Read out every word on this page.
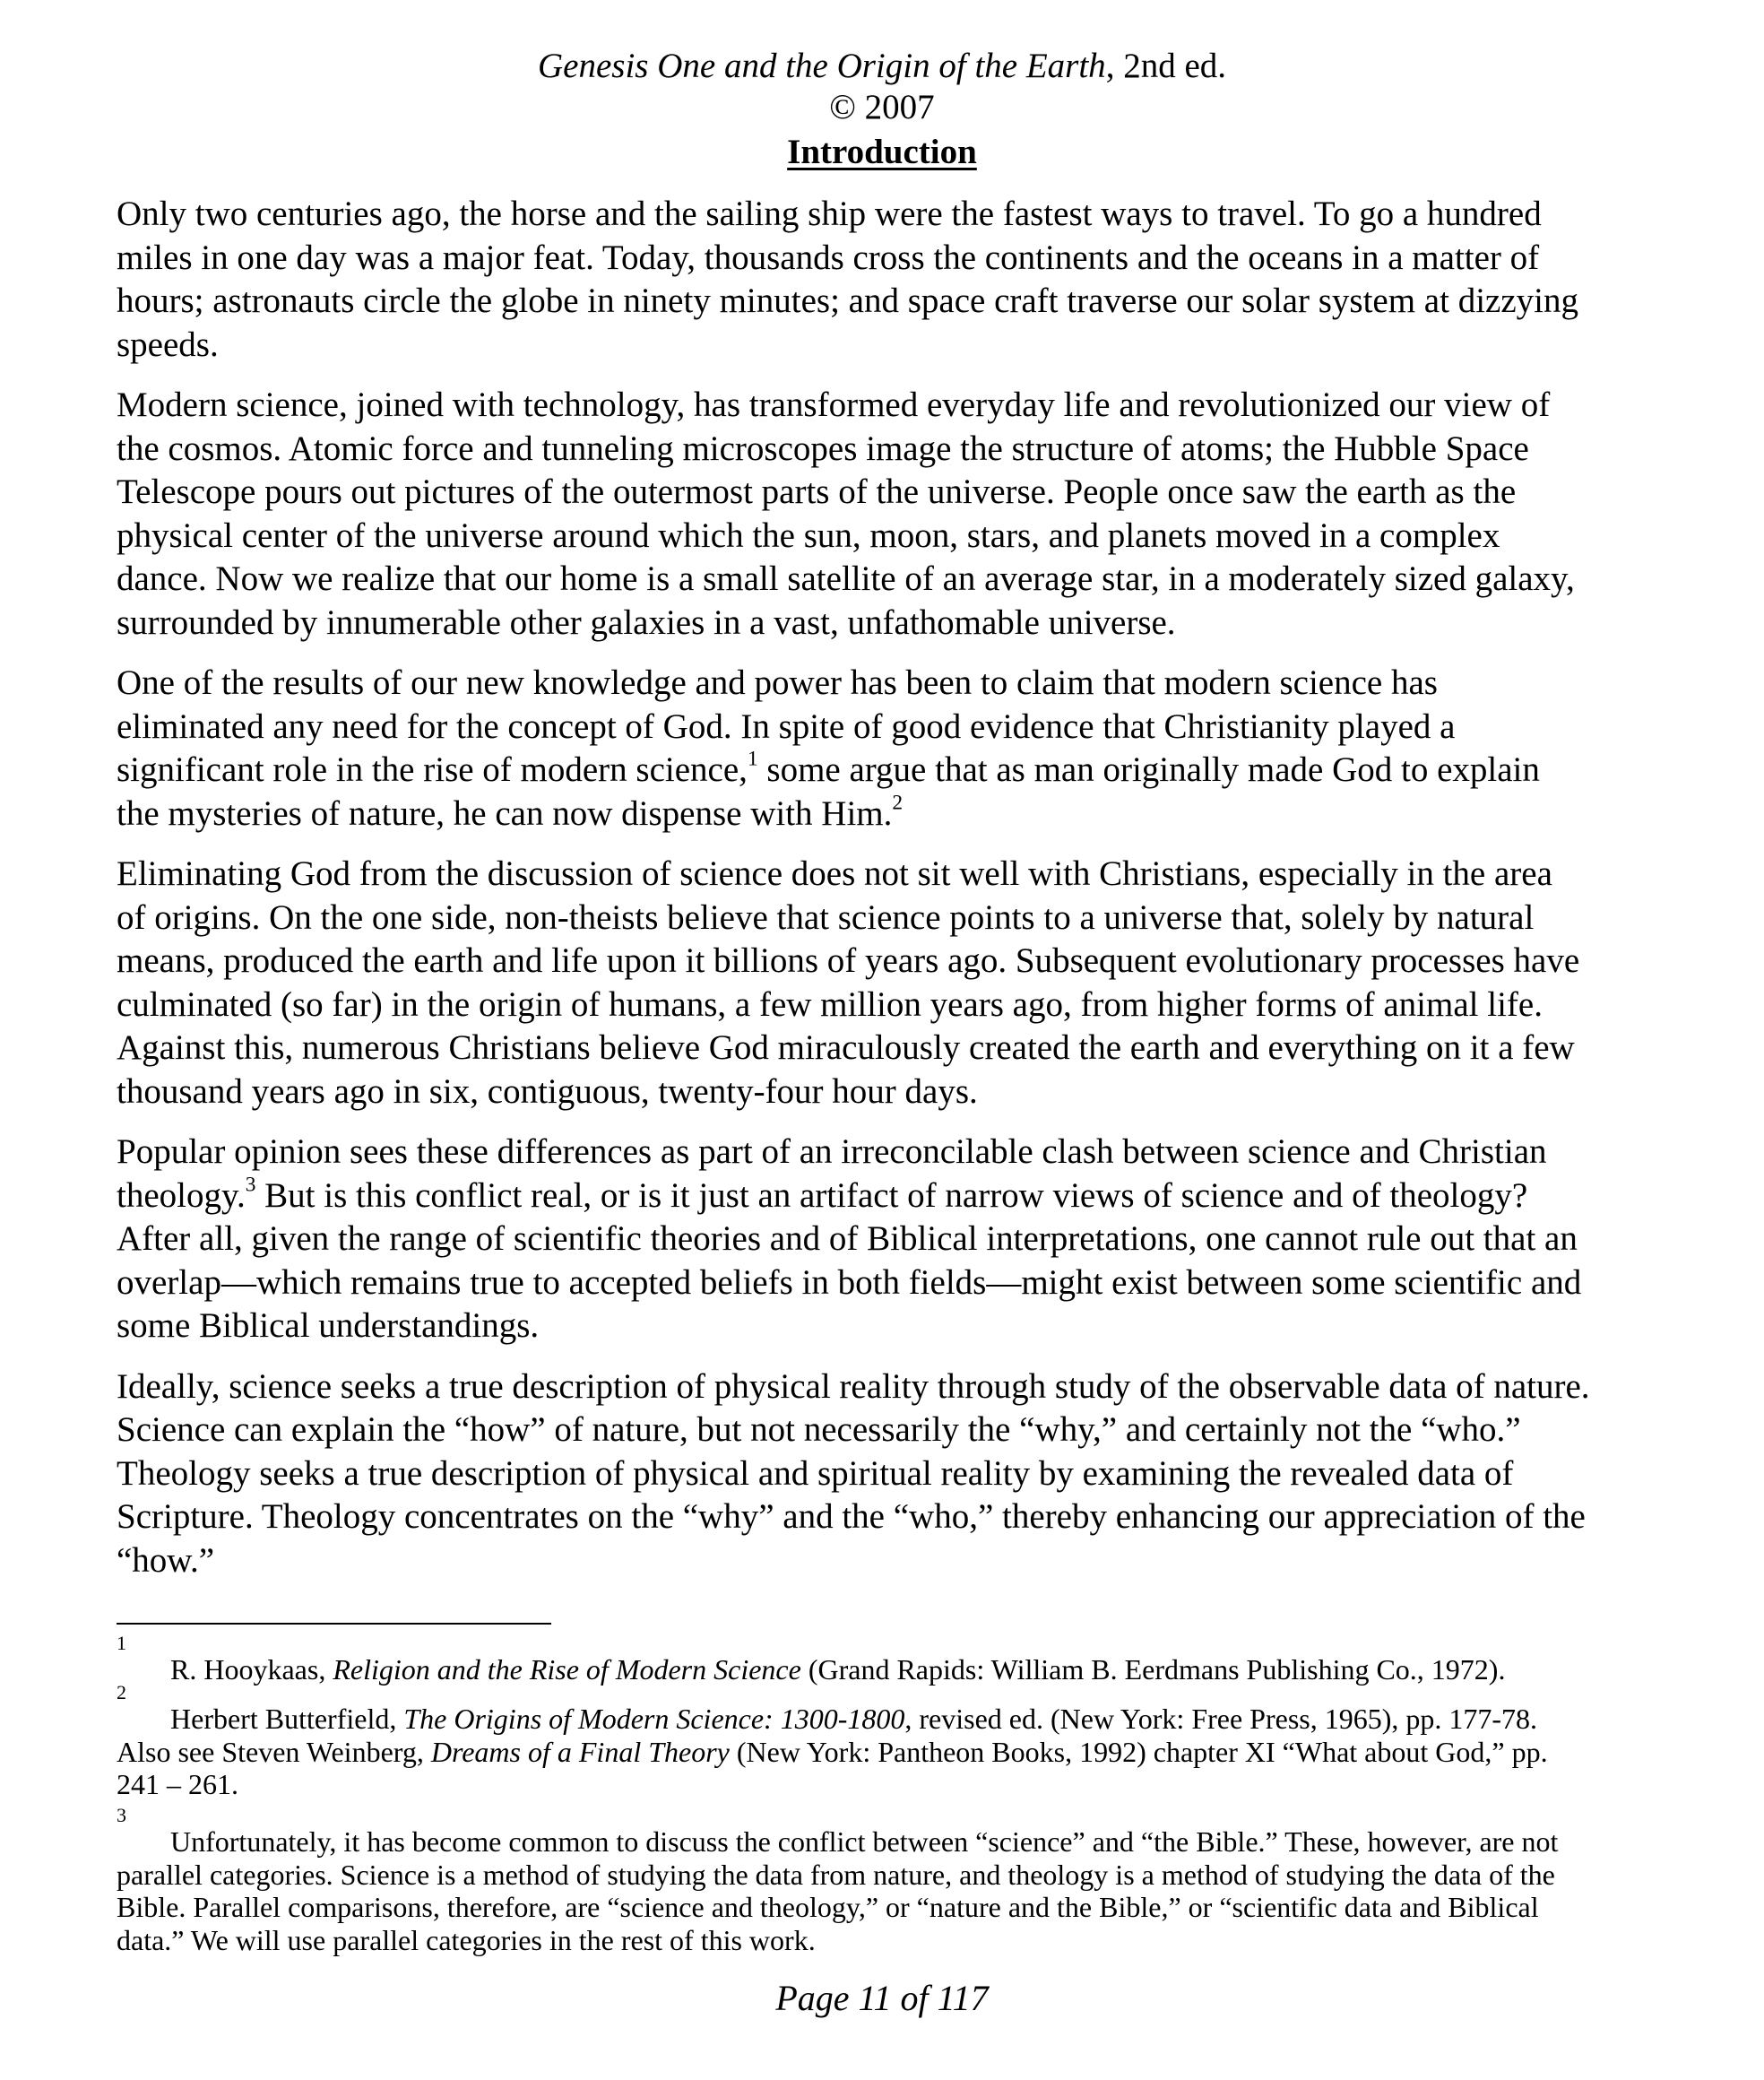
Genesis One and the Origin of the Earth, 2nd ed.
© 2007
Introduction
Only two centuries ago, the horse and the sailing ship were the fastest ways to travel. To go a hundred
miles in one day was a major feat. Today, thousands cross the continents and the oceans in a matter of
hours; astronauts circle the globe in ninety minutes; and space craft traverse our solar system at dizzying
speeds.
Modern science, joined with technology, has transformed everyday life and revolutionized our view of
the cosmos. Atomic force and tunneling microscopes image the structure of atoms; the Hubble Space
Telescope pours out pictures of the outermost parts of the universe. People once saw the earth as the
physical center of the universe around which the sun, moon, stars, and planets moved in a complex
dance. Now we realize that our home is a small satellite of an average star, in a moderately sized galaxy,
surrounded by innumerable other galaxies in a vast, unfathomable universe.
One of the results of our new knowledge and power has been to claim that modern science has
eliminated any need for the concept of God. In spite of good evidence that Christianity played a
significant role in the rise of modern science,$^1$ some argue that as man originally made God to explain
the mysteries of nature, he can now dispense with Him.$^2$
Eliminating God from the discussion of science does not sit well with Christians, especially in the area
of origins. On the one side, non-theists believe that science points to a universe that, solely by natural
means, produced the earth and life upon it billions of years ago. Subsequent evolutionary processes have
culminated (so far) in the origin of humans, a few million years ago, from higher forms of animal life.
Against this, numerous Christians believe God miraculously created the earth and everything on it a few
thousand years ago in six, contiguous, twenty-four hour days.
Popular opinion sees these differences as part of an irreconcilable clash between science and Christian
theology.$^3$ But is this conflict real, or is it just an artifact of narrow views of science and of theology?
After all, given the range of scientific theories and of Biblical interpretations, one cannot rule out that an
overlap—which remains true to accepted beliefs in both fields—might exist between some scientific and
some Biblical understandings.
Ideally, science seeks a true description of physical reality through study of the observable data of nature.
Science can explain the “how” of nature, but not necessarily the “why,” and certainly not the “who.”
Theology seeks a true description of physical and spiritual reality by examining the revealed data of
Scripture. Theology concentrates on the “why” and the “who,” thereby enhancing our appreciation of the
“how.”
1
R. Hooykaas, Religion and the Rise of Modern Science (Grand Rapids: William B. Eerdmans Publishing Co., 1972).
2
Herbert Butterfield, The Origins of Modern Science: 1300-1800, revised ed. (New York: Free Press, 1965), pp. 177-78.
Also see Steven Weinberg, Dreams of a Final Theory (New York: Pantheon Books, 1992) chapter XI “What about God,” pp.
241 – 261.
3
Unfortunately, it has become common to discuss the conflict between “science” and “the Bible.” These, however, are not
parallel categories. Science is a method of studying the data from nature, and theology is a method of studying the data of the
Bible. Parallel comparisons, therefore, are “science and theology,” or “nature and the Bible,” or “scientific data and Biblical
data.” We will use parallel categories in the rest of this work.
Page 11 of 117
